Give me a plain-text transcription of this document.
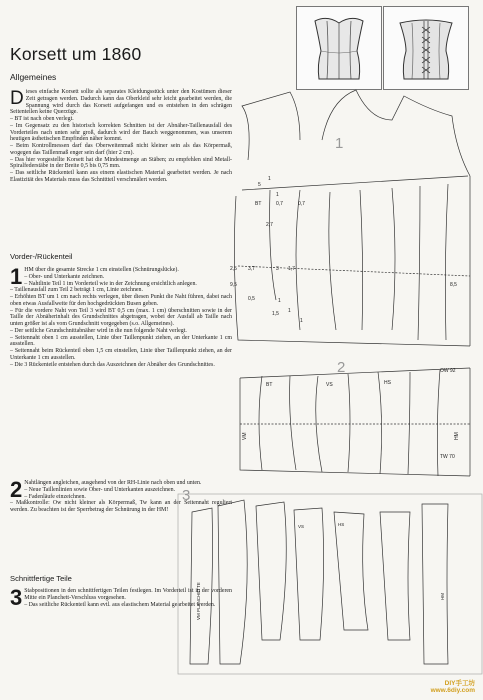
Korsett um 1860
Allgemeines
D ieses einfache Korsett sollte als separates Kleidungsstück unter den Kostümen dieser Zeit getragen werden. Dadurch kann das Oberkleid sehr leicht gearbeitet werden, die Spannung wird durch das Korsett aufgefangen und es entstehen in den schrägen Seitenteilen keine Querzüge.

– BT ist nach oben verlegt.

– Im Gegensatz zu den historisch korrekten Schnitten ist der Abnäher-Taillenausfall des Vorderteiles nach unten sehr groß, dadurch wird der Bauch weggenommen, was unserem heutigen ästhetischen Empfinden näher kommt.

– Beim Kontrollmessen darf das Oberweitenmaß nicht kleiner sein als das Körpermaß, wogegen das Taillenmaß enger sein darf (hier 2 cm).

– Das hier vorgestellte Korsett hat die Mindestmenge an Stäben; zu empfehlen sind Metall-Spiralfederstäbe in der Breite 0,5 bis 0,75 mm.

– Das seitliche Rückenteil kann aus einem elastischen Material gearbeitet werden. Je nach Elastizität des Materials muss das Schnittteil verschmälert werden.

Vorder-/Rückenteil
1 HM über die gesamte Strecke 1 cm einstellen (Schnürungslücke).

– Ober- und Unterkante zeichnen.

– Nahtlinie Teil 1 im Vorderteil wie in der Zeichnung ersichtlich anlegen.

– Taillenausfall zum Teil 2 beträgt 1 cm, Linie zeichnen.

– Erhöhten BT um 1 cm nach rechts verlegen, über diesen Punkt die Naht führen, dabei nach oben etwas Ausfallweite für den hochgedrückten Busen geben.

– Für die vordere Naht von Teil 3 wird BT 0,5 cm (max. 1 cm) überschnitten sowie in der Taille der Abnäherinhalt des Grundschnittes abgetragen, wobei der Ausfall ab Taille nach unten größer ist als vom Grundschnitt vorgegeben (s.o. Allgemeines).

– Der seitliche Grundschnittabnäher wird in die nun folgende Naht verlegt.

– Seitennaht oben 1 cm ausstellen, Linie über Taillenpunkt ziehen, an der Unterkante 1 cm ausstellen.

– Seitennaht beim Rückenteil oben 1,5 cm einstellen, Linie über Taillenpunkt ziehen, an der Unterkante 1 cm ausstellen.

– Die 3 Rückenteile entstehen durch das Auszeichnen der Abnäher des Grundschnittes.

2 Nahtlängen angleichen, ausgehend von der RH-Linie nach oben und unten.

– Neue Taillenlinien sowie Ober- und Unterkanten auszeichnen.

– Fadenläufe einzeichnen.

– Maßkontrolle: Ow nicht kleiner als Körpermaß, Tw kann an der Seitennaht reguliert werden. Zu beachten ist der Sperrbetrag der Schnürung in der HM!

Schnittfertige Teile
3 Stabpositionen in den schnittfertigen Teilen festlegen. Im Vorderteil ist in der vorderen Mitte ein Planchett-Verschluss vorgesehen.

– Das seitliche Rückenteil kann evtl. aus elastischem Material gearbeitet werden.

1
5
1
1
BT	0,7	0,7
2,7
2,5 3,7	3 1,7
9,5	8,5
0,5	1
1
1,5
1
2
BT	VS	HS
OW 92
TW 70
VM	HM
3
VM PLANCHETTE
VS	HS
HM
DIY手工坊
www.6diy.com
